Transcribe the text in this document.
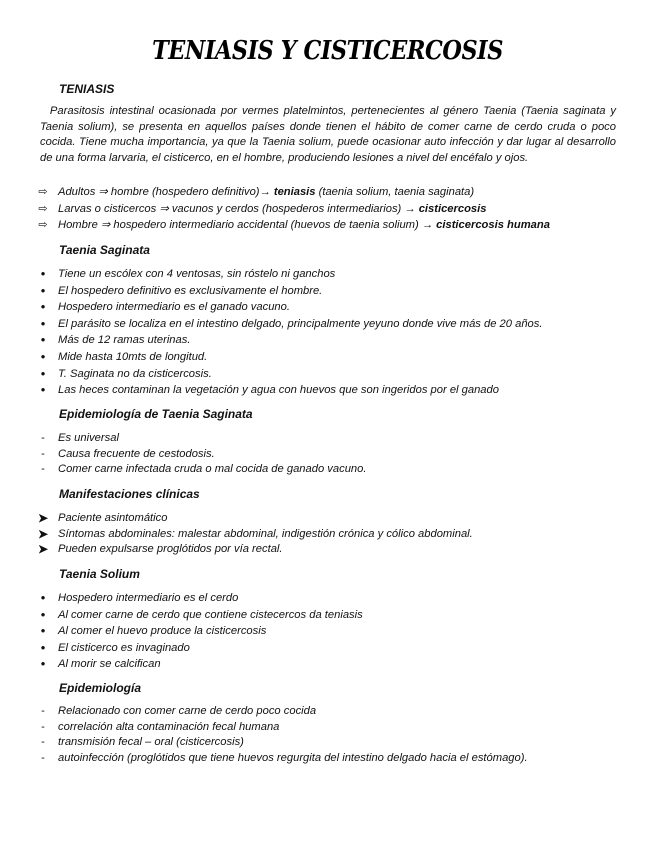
TENIASIS Y CISTICERCOSIS
TENIASIS
Parasitosis intestinal ocasionada por vermes platelmintos, pertenecientes al género Taenia (Taenia saginata y Taenia solium), se presenta en aquellos países donde tienen el hábito de comer carne de cerdo cruda o poco cocida. Tiene mucha importancia, ya que la Taenia solium, puede ocasionar auto infección y dar lugar al desarrollo de una forma larvaria, el cisticerco, en el hombre, produciendo lesiones a nivel del encéfalo y ojos.
⇨ Adultos ⇒ hombre (hospedero definitivo)→ teniasis (taenia solium, taenia saginata)
⇨ Larvas o cisticercos ⇒ vacunos y cerdos (hospederos intermediarios) → cisticercosis
⇨ Hombre ⇒ hospedero intermediario accidental (huevos de taenia solium) → cisticercosis humana
Taenia Saginata
•	Tiene un escólex con 4 ventosas, sin róstelo ni ganchos
•	El hospedero definitivo es exclusivamente el hombre.
•	Hospedero intermediario es el ganado vacuno.
•	El parásito se localiza en el intestino delgado, principalmente yeyuno donde vive más de 20 años.
•	Más de 12 ramas uterinas.
•	Mide hasta 10mts de longitud.
•	T. Saginata no da cisticercosis.
•	Las heces contaminan la vegetación y agua con huevos que son ingeridos por el ganado
Epidemiología de Taenia Saginata
-	Es universal
-	Causa frecuente de cestodosis.
-	Comer carne infectada cruda o mal cocida de ganado vacuno.
Manifestaciones clínicas
➤ Paciente asintomático
➤ Síntomas abdominales: malestar abdominal, indigestión crónica y cólico abdominal.
➤ Pueden expulsarse proglótidos por vía rectal.
Taenia Solium
•	Hospedero intermediario es el cerdo
•	Al comer carne de cerdo que contiene cistecercos da teniasis
•	Al comer el huevo produce la cisticercosis
•	El cisticerco es invaginado
•	Al morir se calcifican
Epidemiología
-	Relacionado con comer carne de cerdo poco cocida
-	correlación alta contaminación fecal humana
-	transmisión fecal – oral (cisticercosis)
-	autoinfección (proglótidos que tiene huevos regurgita del intestino delgado hacia el estómago).
